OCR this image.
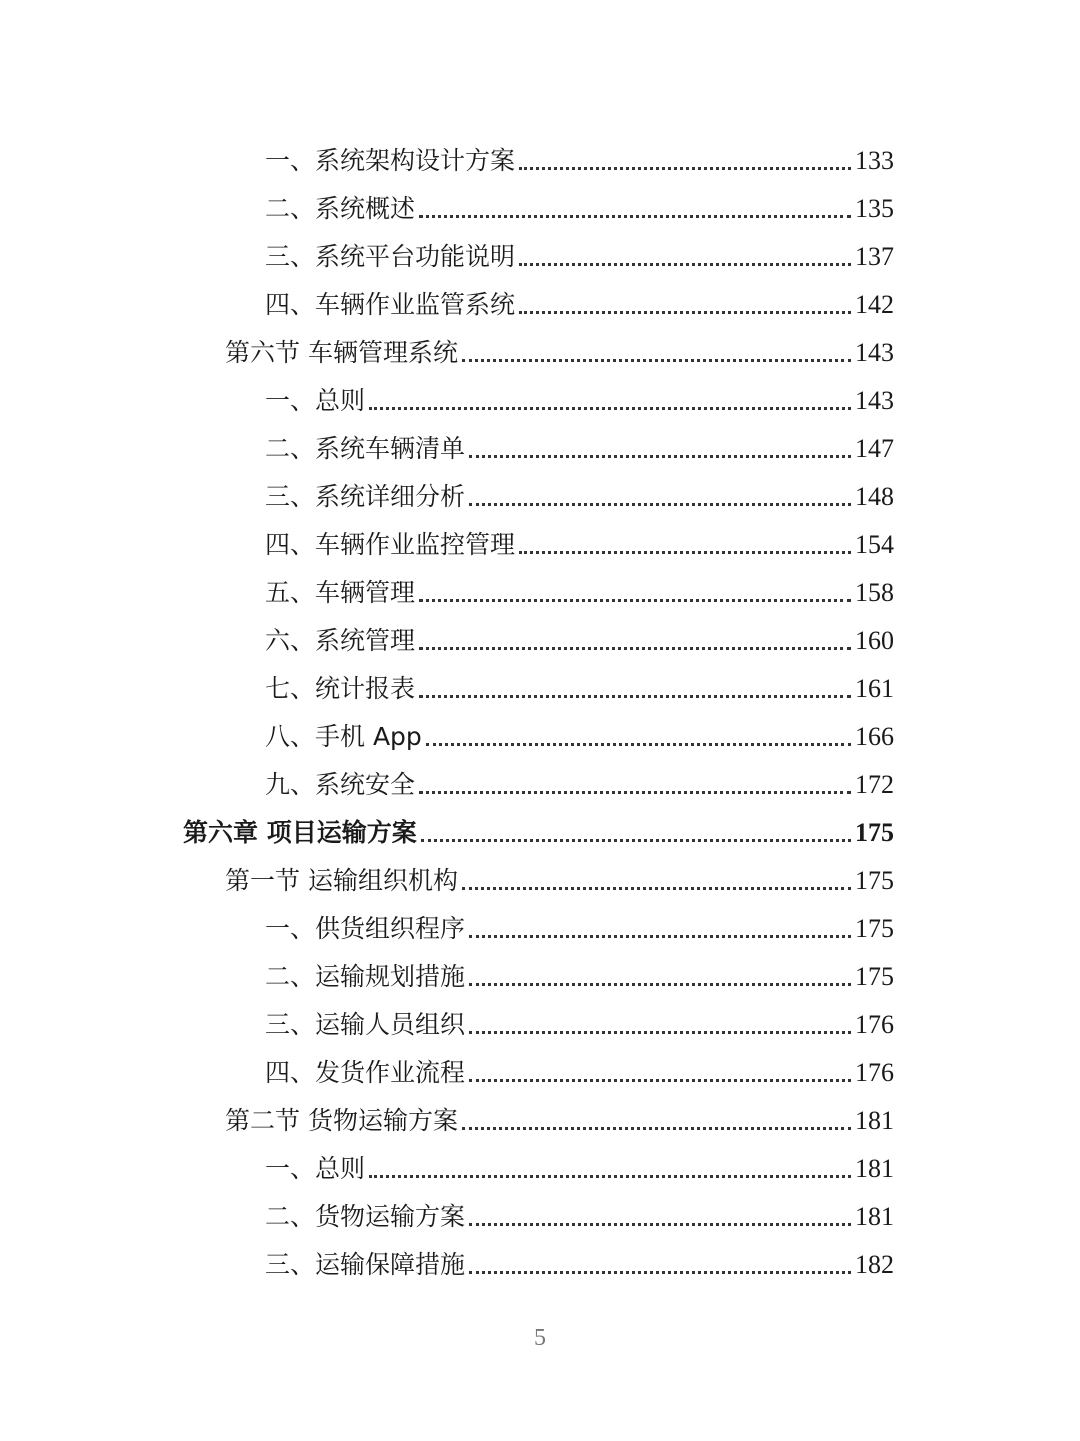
一、系统架构设计方案	133
二、系统概述	135
三、系统平台功能说明	137
四、车辆作业监管系统	142
第六节 车辆管理系统	143
一、总则	143
二、系统车辆清单	147
三、系统详细分析	148
四、车辆作业监控管理	154
五、车辆管理	158
六、系统管理	160
七、统计报表	161
八、手机 App	166
九、系统安全	172
第六章 项目运输方案	175
第一节 运输组织机构	175
一、供货组织程序	175
二、运输规划措施	175
三、运输人员组织	176
四、发货作业流程	176
第二节 货物运输方案	181
一、总则	181
二、货物运输方案	181
三、运输保障措施	182
5
